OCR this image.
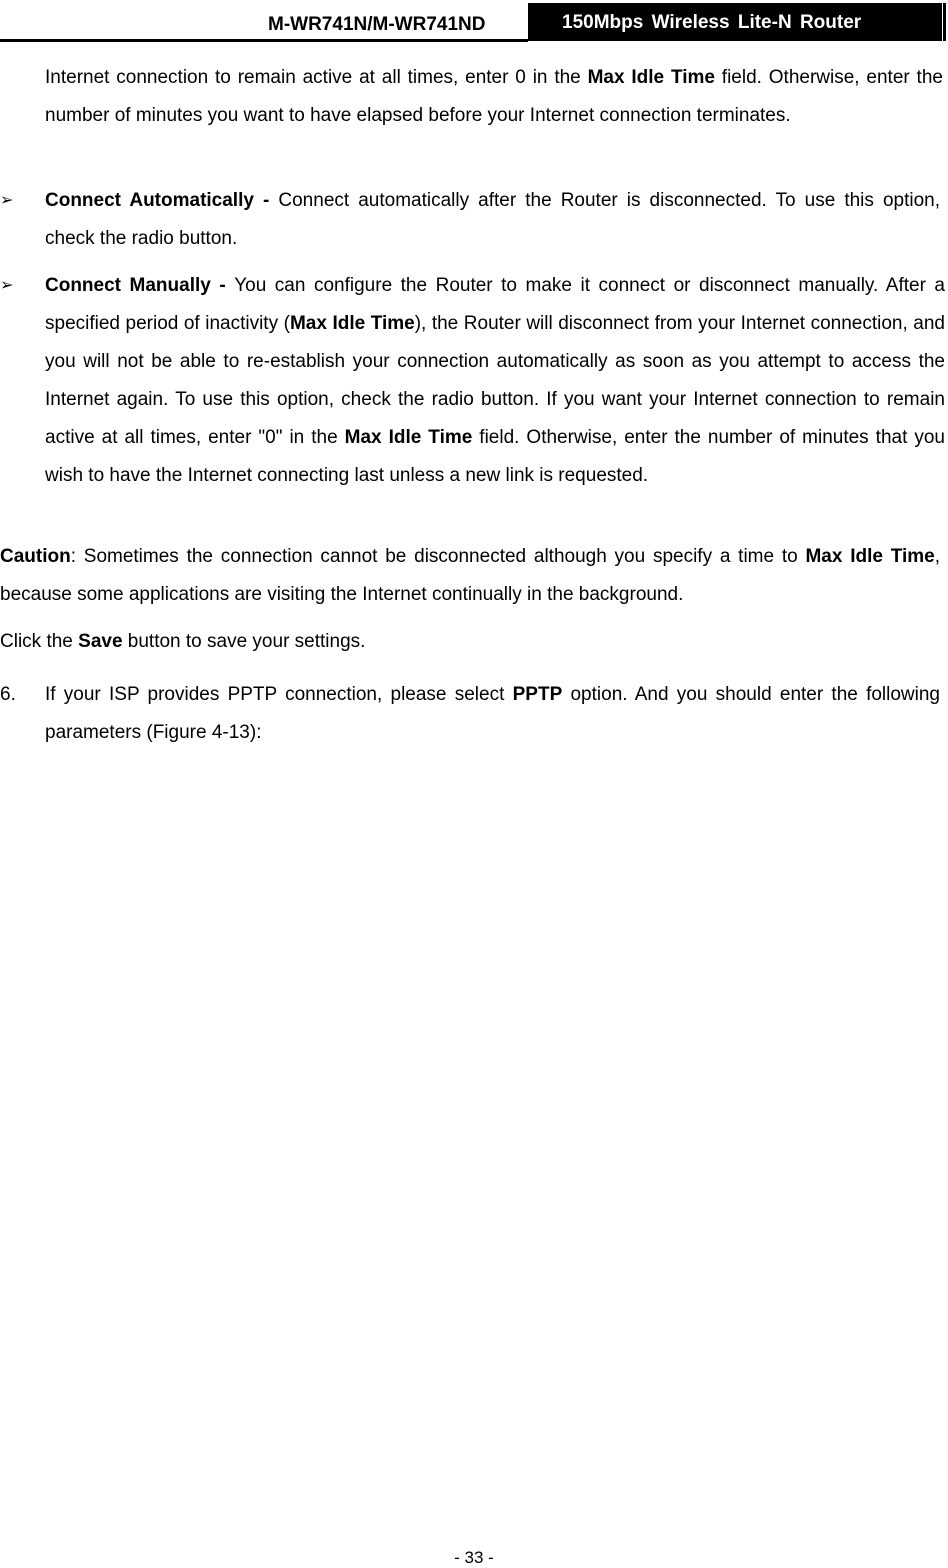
M-WR741N/M-WR741ND	150Mbps Wireless Lite-N Router

Internet connection to remain active at all times, enter 0 in the Max Idle Time field. Otherwise, enter the number of minutes you want to have elapsed before your Internet connection terminates.

➢ Connect Automatically - Connect automatically after the Router is disconnected. To use this option, check the radio button.

➢ Connect Manually - You can configure the Router to make it connect or disconnect manually. After a specified period of inactivity (Max Idle Time), the Router will disconnect from your Internet connection, and you will not be able to re-establish your connection automatically as soon as you attempt to access the Internet again. To use this option, check the radio button. If you want your Internet connection to remain active at all times, enter "0" in the Max Idle Time field. Otherwise, enter the number of minutes that you wish to have the Internet connecting last unless a new link is requested.

Caution: Sometimes the connection cannot be disconnected although you specify a time to Max Idle Time, because some applications are visiting the Internet continually in the background.

Click the Save button to save your settings.

6. If your ISP provides PPTP connection, please select PPTP option. And you should enter the following parameters (Figure 4-13):

- 33 -
